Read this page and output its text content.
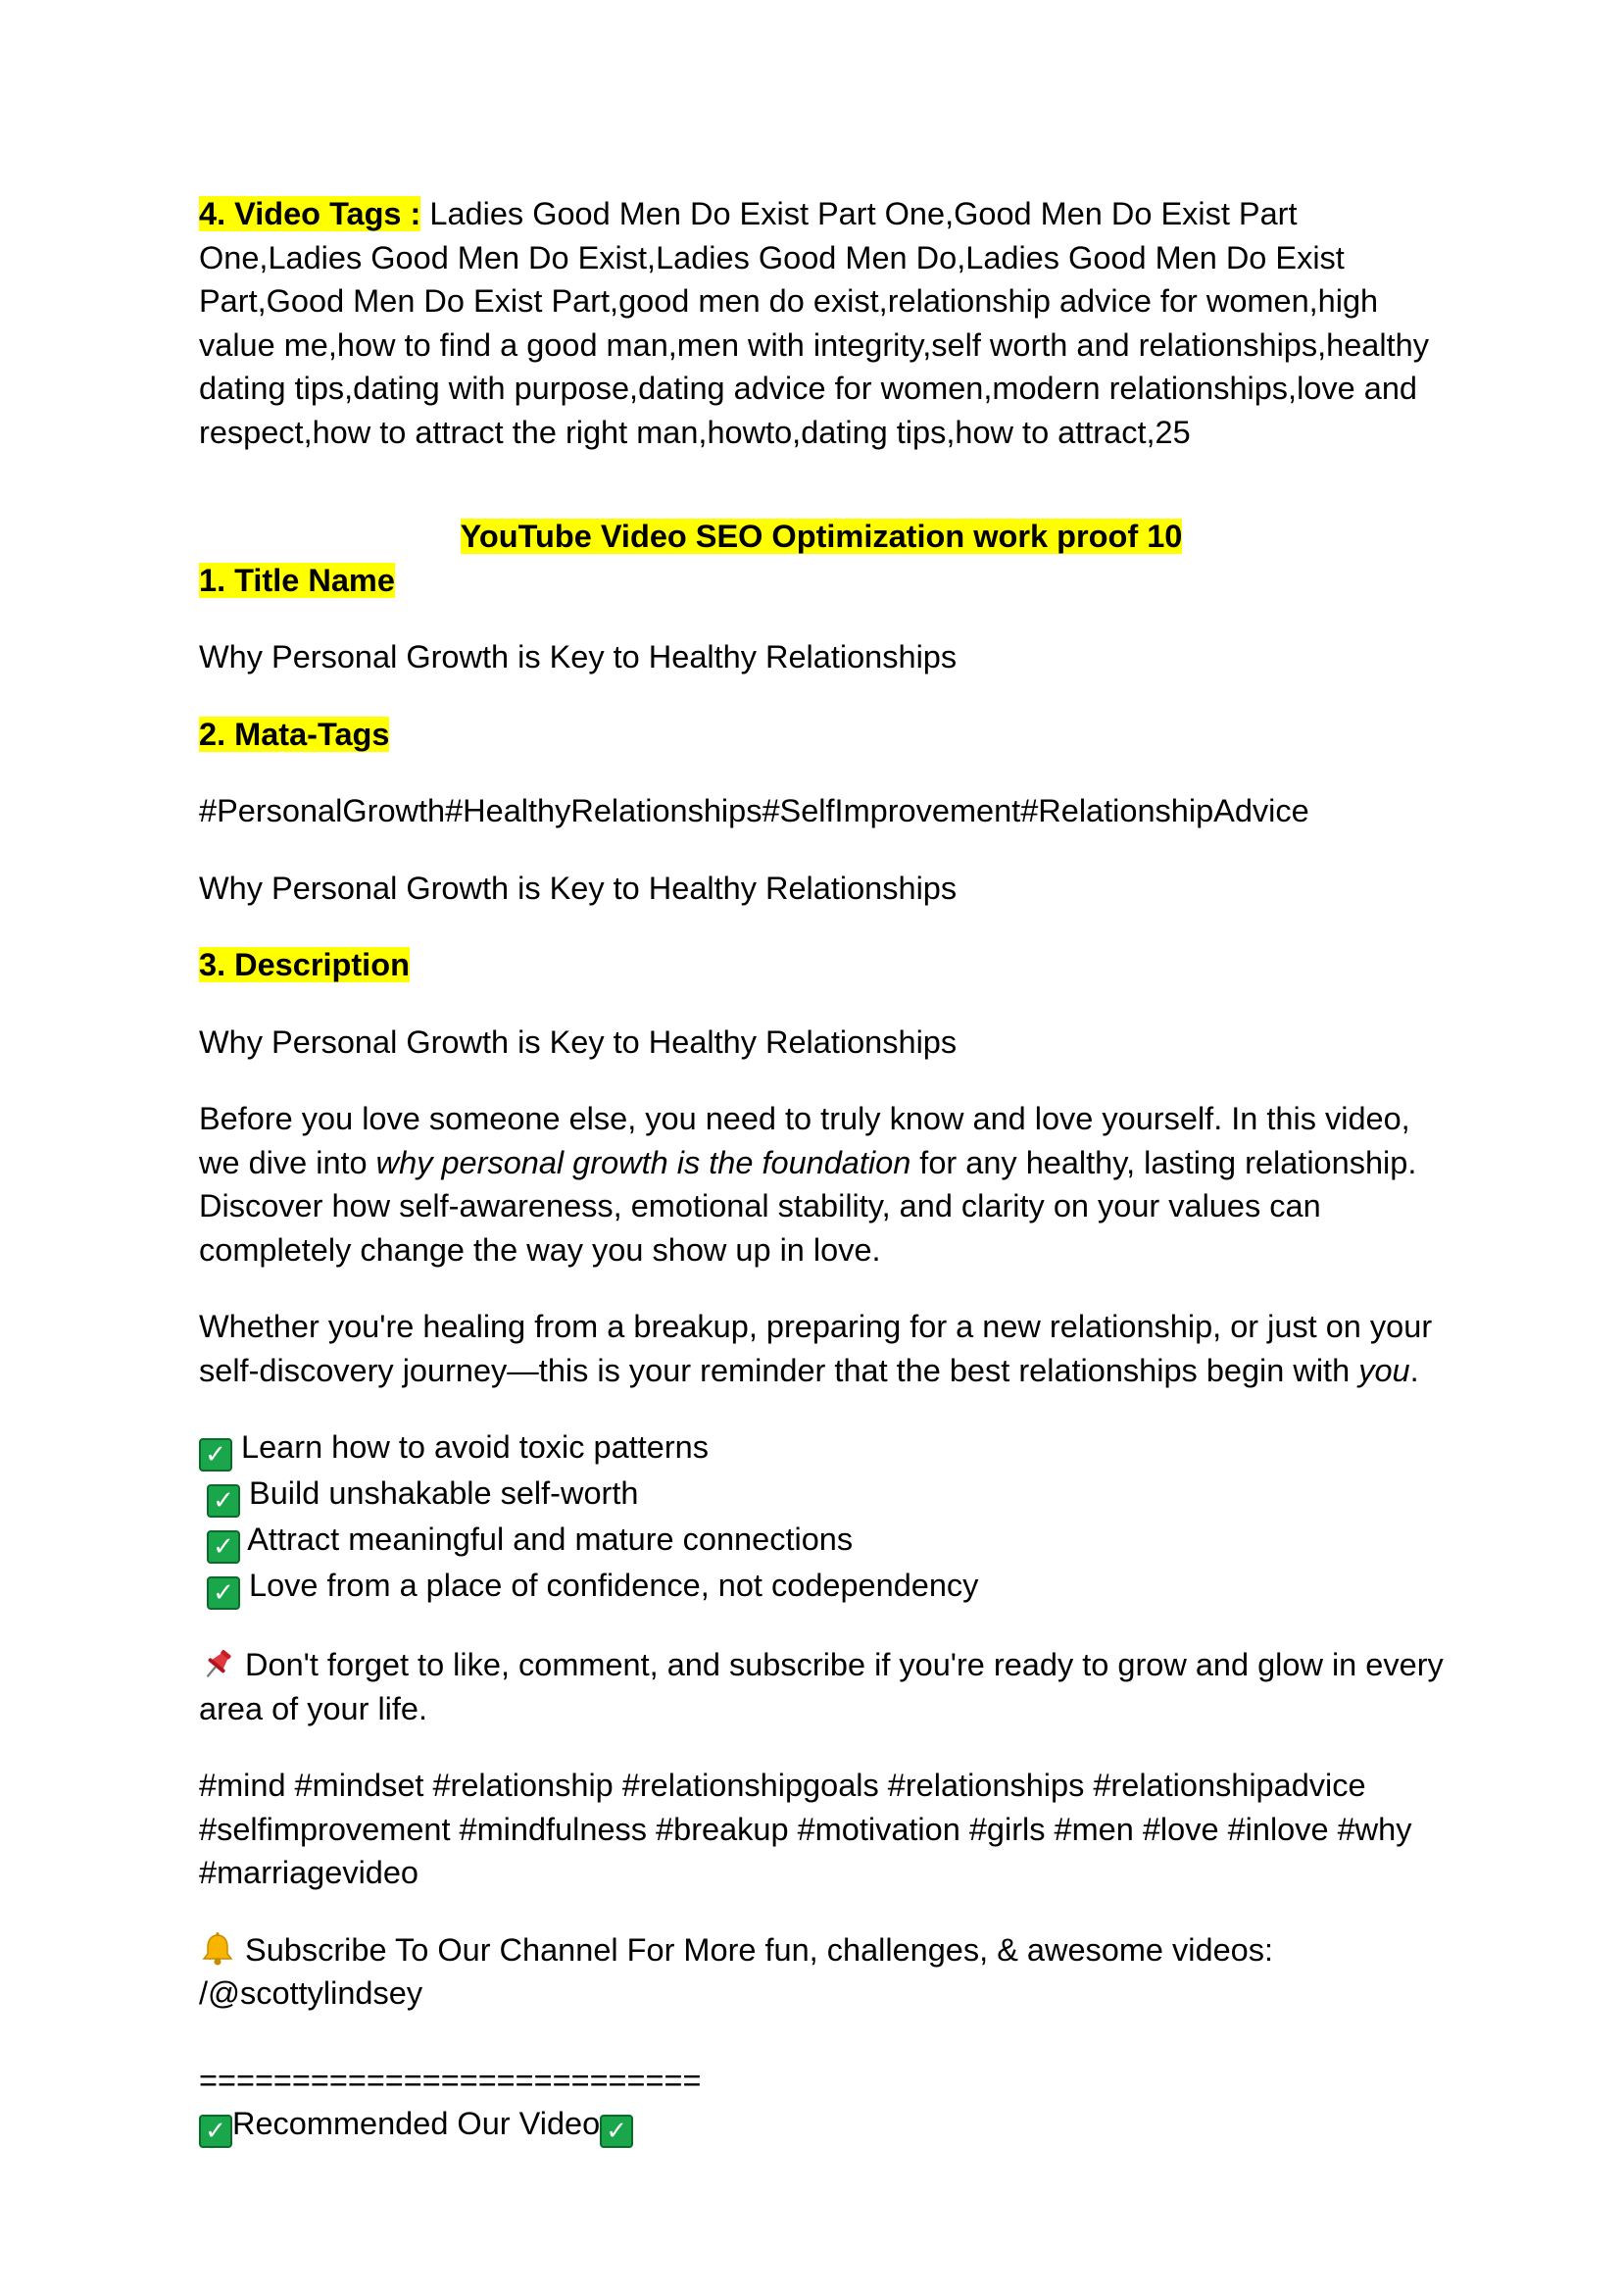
4. Video Tags : Ladies Good Men Do Exist Part One,Good Men Do Exist Part One,Ladies Good Men Do Exist,Ladies Good Men Do,Ladies Good Men Do Exist Part,Good Men Do Exist Part,good men do exist,relationship advice for women,high value me,how to find a good man,men with integrity,self worth and relationships,healthy dating tips,dating with purpose,dating advice for women,modern relationships,love and respect,how to attract the right man,howto,dating tips,how to attract,25

YouTube Video SEO Optimization work proof 10

1. Title Name

Why Personal Growth is Key to Healthy Relationships

2. Mata-Tags

#PersonalGrowth#HealthyRelationships#SelfImprovement#RelationshipAdvice

Why Personal Growth is Key to Healthy Relationships

3. Description

Why Personal Growth is Key to Healthy Relationships

Before you love someone else, you need to truly know and love yourself. In this video, we dive into why personal growth is the foundation for any healthy, lasting relationship. Discover how self-awareness, emotional stability, and clarity on your values can completely change the way you show up in love.

Whether you're healing from a breakup, preparing for a new relationship, or just on your self-discovery journey—this is your reminder that the best relationships begin with you.

✓ Learn how to avoid toxic patterns
✓ Build unshakable self-worth
✓ Attract meaningful and mature connections
✓ Love from a place of confidence, not codependency

Don't forget to like, comment, and subscribe if you're ready to grow and glow in every area of your life.

#mind #mindset #relationship #relationshipgoals #relationships #relationshipadvice #selfimprovement #mindfulness #breakup #motivation #girls #men #love #inlove #why #marriagevideo

Subscribe To Our Channel For More fun, challenges, & awesome videos: /@scottylindsey

===========================

✓ Recommended Our Video ✓
